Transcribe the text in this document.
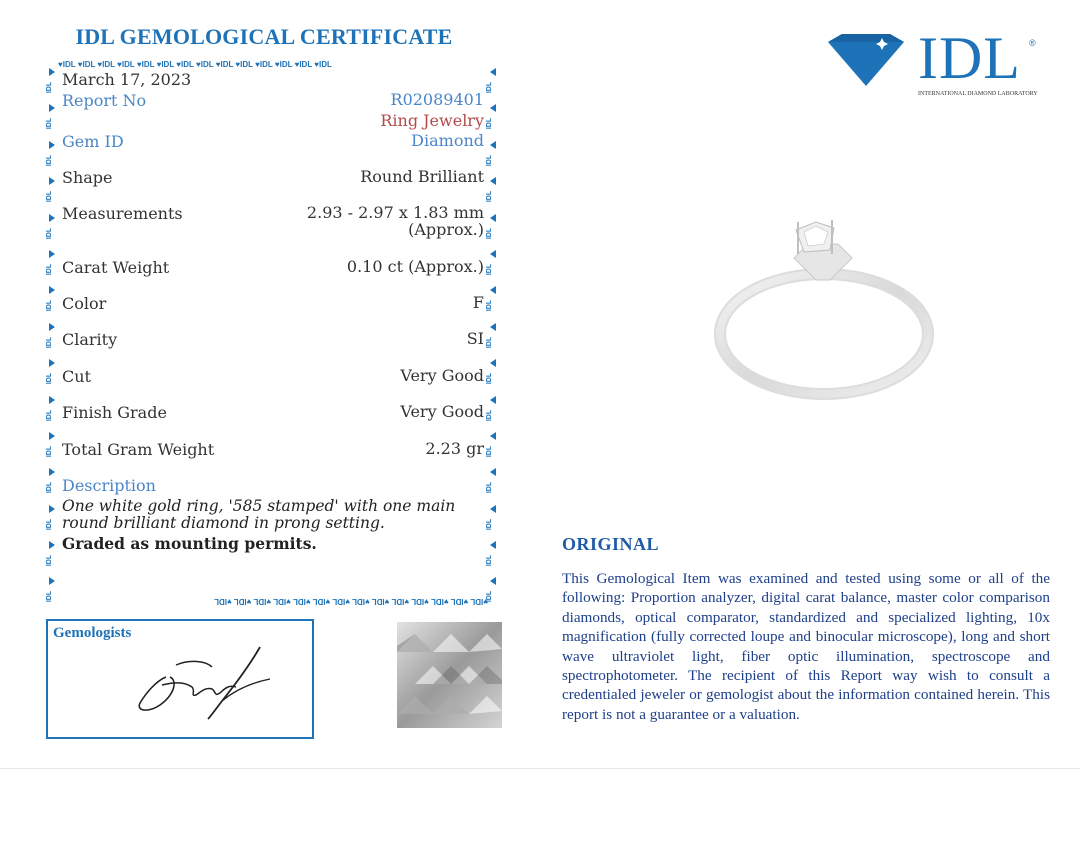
IDL GEMOLOGICAL CERTIFICATE
♥IDL ♥IDL ♥IDL ♥IDL ♥IDL ♥IDL ♥IDL ♥IDL ♥IDL ♥IDL ♥IDL ♥IDL ♥IDL ♥IDL
♥IDL ♥IDL ♥IDL ♥IDL ♥IDL ♥IDL ♥IDL ♥IDL ♥IDL ♥IDL ♥IDL ♥IDL ♥IDL ♥IDL
IDL
IDL
IDL
IDL
IDL
IDL
IDL
IDL
IDL
IDL
IDL
IDL
IDL
IDL
IDL
IDL
IDL
IDL
IDL
IDL
IDL
IDL
IDL
IDL
IDL
IDL
IDL
IDL
IDL
IDL
March 17, 2023
Report No	R02089401
Ring Jewelry
Gem ID	Diamond
Shape	Round Brilliant
Measurements	2.93 - 2.97 x 1.83 mm
(Approx.)
Carat Weight	0.10 ct (Approx.)
Color	F
Clarity	SI
Cut	Very Good
Finish Grade	Very Good
Total Gram Weight	2.23 gr
Description
One white gold ring, '585 stamped' with one main
round brilliant diamond in prong setting.
Graded as mounting permits.
Gemologists
IDL ®
INTERNATIONAL DIAMOND LABORATORY
ORIGINAL
This Gemological Item was examined and tested using some or all of the following: Proportion analyzer, digital carat balance, master color comparison diamonds, optical comparator, standardized and specialized lighting, 10x magnification (fully corrected loupe and binocular microscope), long and short wave ultraviolet light, fiber optic illumination, spectroscope and spectrophotometer. The recipient of this Report way wish to consult a credentialed jeweler or gemologist about the information contained herein. This report is not a guarantee or a valuation.
